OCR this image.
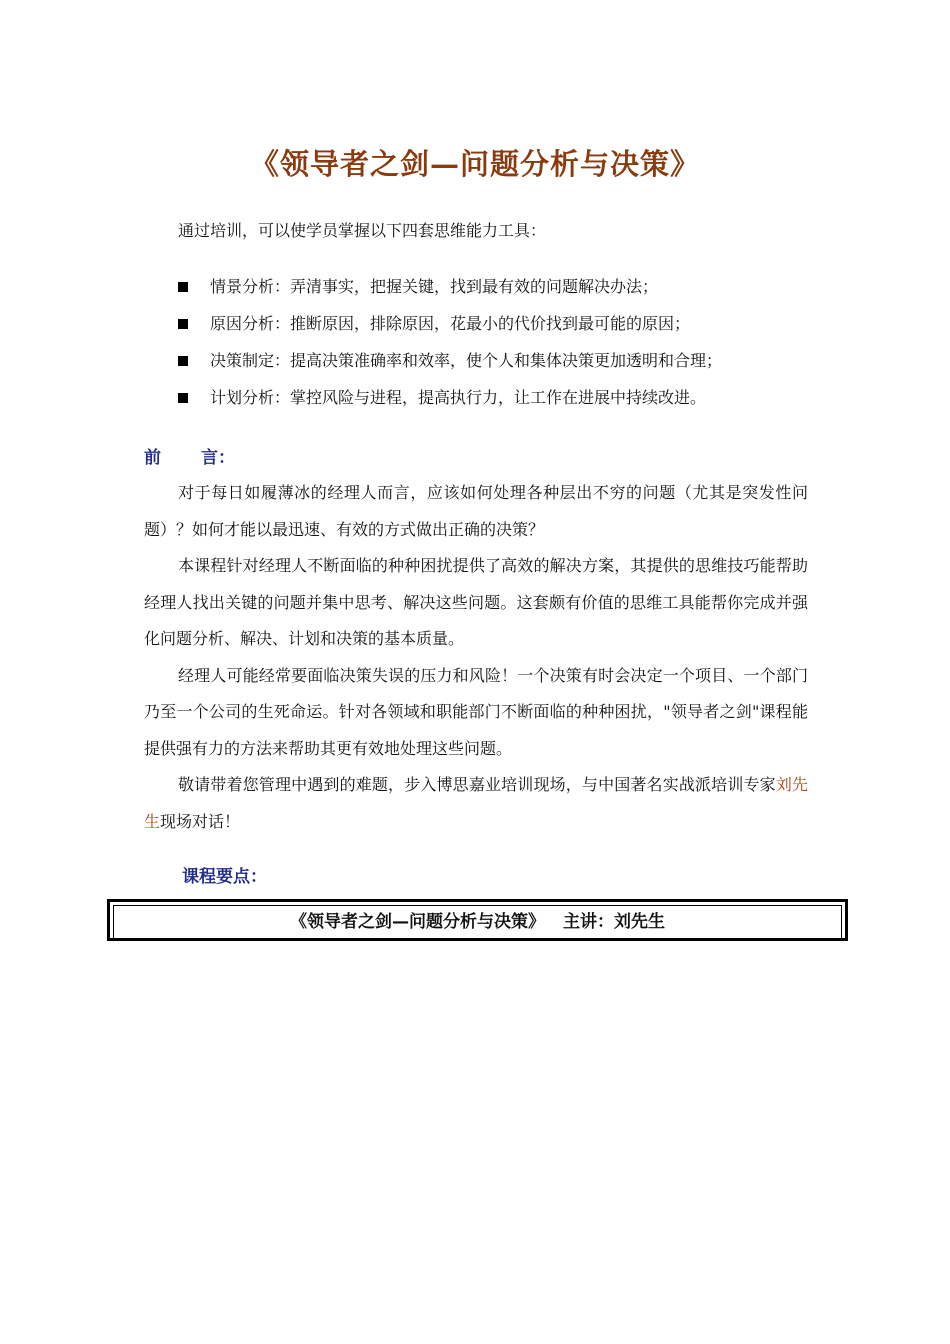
《领导者之剑—问题分析与决策》
通过培训，可以使学员掌握以下四套思维能力工具：
情景分析：弄清事实，把握关键，找到最有效的问题解决办法；
原因分析：推断原因，排除原因，花最小的代价找到最可能的原因；
决策制定：提高决策准确率和效率，使个人和集体决策更加透明和合理；
计划分析：掌控风险与进程，提高执行力，让工作在进展中持续改进。
前 言：

对于每日如履薄冰的经理人而言，应该如何处理各种层出不穷的问题（尤其是突发性问题）？如何才能以最迅速、有效的方式做出正确的决策？

本课程针对经理人不断面临的种种困扰提供了高效的解决方案，其提供的思维技巧能帮助经理人找出关键的问题并集中思考、解决这些问题。这套颇有价值的思维工具能帮你完成并强化问题分析、解决、计划和决策的基本质量。

经理人可能经常要面临决策失误的压力和风险！一个决策有时会决定一个项目、一个部门乃至一个公司的生死命运。针对各领域和职能部门不断面临的种种困扰，"领导者之剑"课程能提供强有力的方法来帮助其更有效地处理这些问题。

敬请带着您管理中遇到的难题，步入博思嘉业培训现场，与中国著名实战派培训专家刘先生现场对话！

课程要点：
《领导者之剑—问题分析与决策》 主讲：刘先生
